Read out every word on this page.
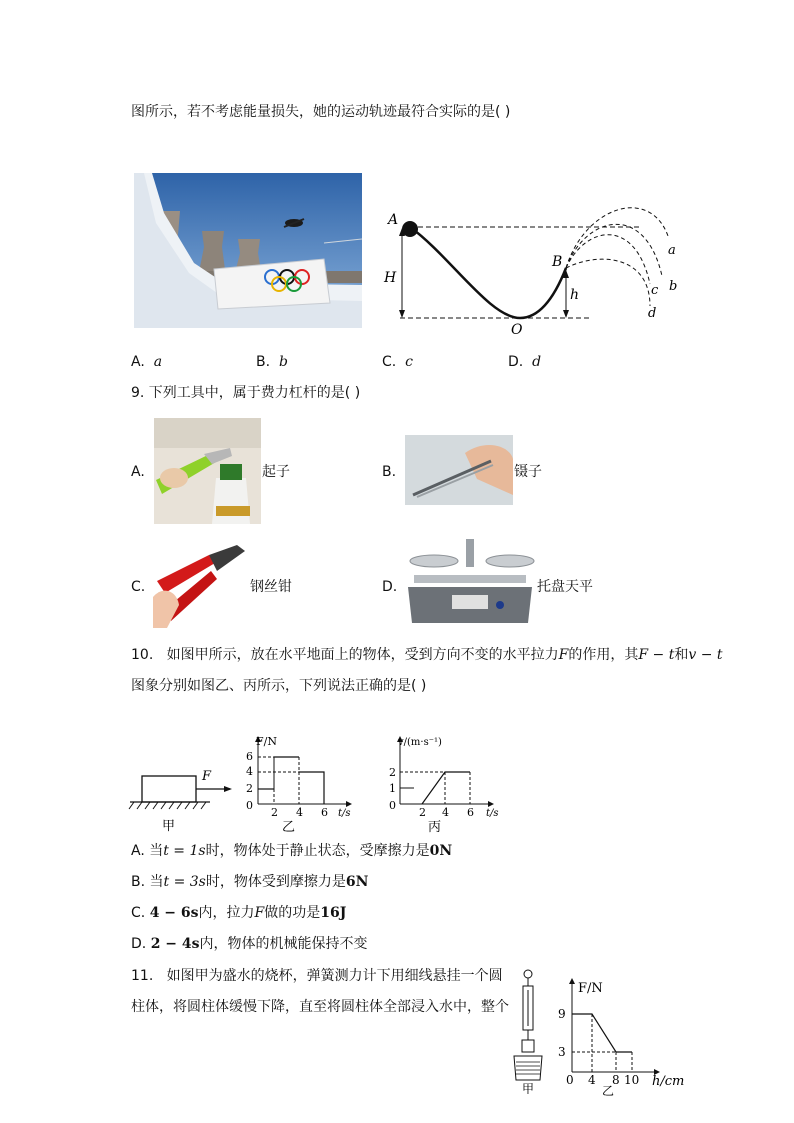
图所示，若不考虑能量损失，她的运动轨迹最符合实际的是( )
A
H
O
B
h
a
b
c
d
A. a	B. b	C. c	D. d
9. 下列工具中，属于费力杠杆的是( )
A.	起子	B.	镊子
C.	钢丝钳	D.	托盘天平
10. 如图甲所示，放在水平地面上的物体，受到方向不变的水平拉力F的作用，其F − t和v − t
图象分别如图乙、丙所示，下列说法正确的是( )
F
甲
F/N
6
4
2
0
2 4 6 t/s
乙
v/(m·s⁻¹)
2
1
0
2 4 6 t/s
丙
A. 当t = 1s时，物体处于静止状态，受摩擦力是0N
B. 当t = 3s时，物体受到摩擦力是6N
C. 4 − 6s内，拉力F做的功是16J
D. 2 − 4s内，物体的机械能保持不变
11. 如图甲为盛水的烧杯，弹簧测力计下用细线悬挂一个圆
柱体，将圆柱体缓慢下降，直至将圆柱体全部浸入水中，整个
甲
F/N
9
3
0 4 8 10 h/cm
乙
